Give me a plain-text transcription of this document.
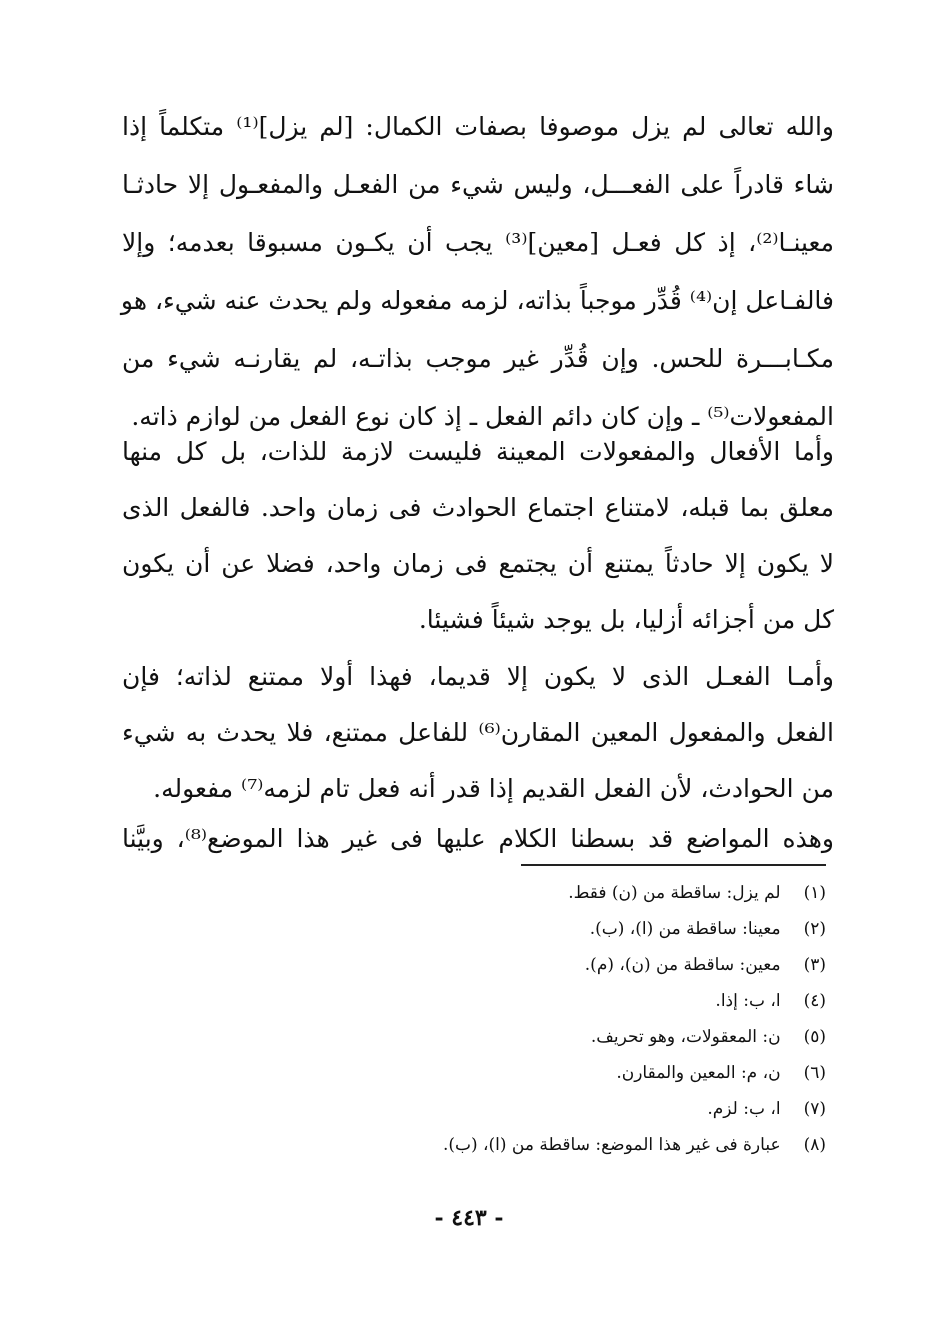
والله تعالى لم يزل موصوفا بصفات الكمال: [لم يزل]⁽¹⁾ متكلماً إذا
شاء قادراً على الفعـــل، وليس شيء من الفعـل والمفعـول إلا حادثـا
معينـا⁽²⁾، إذ كل فعـل [معين]⁽³⁾ يجب أن يكـون مسبوقا بعدمه؛ وإلا
فالفـاعل إن⁽⁴⁾ قُدِّر موجباً بذاته، لزمه مفعوله ولم يحدث عنه شيء، هو
مكـابـــرة للحس. وإن قُدِّر غير موجب بذاتـه، لم يقارنـه شيء من
المفعولات⁽⁵⁾ ـ وإن كان دائم الفعل ـ إذ كان نوع الفعل من لوازم ذاته.
وأما الأفعال والمفعولات المعينة فليست لازمة للذات، بل كل منها
معلق بما قبله، لامتناع اجتماع الحوادث فى زمان واحد. فالفعل الذى
لا يكون إلا حادثاً يمتنع أن يجتمع فى زمان واحد، فضلا عن أن يكون
كل من أجزائه أزليا، بل يوجد شيئاً فشيئا.
وأمـا الفعـل الذى لا يكون إلا قديما، فهذا أولا ممتنع لذاته؛ فإن
الفعل والمفعول المعين المقارن⁽⁶⁾ للفاعل ممتنع، فلا يحدث به شيء
من الحوادث، لأن الفعل القديم إذا قدر أنه فعل تام لزمه⁽⁷⁾ مفعوله.
وهذه المواضع قد بسطنا الكلام عليها فى غير هذا الموضع⁽⁸⁾، وبيَّنا
(١) لم يزل: ساقطة من (ن) فقط.
(٢) معينا: ساقطة من (ا)، (ب).
(٣) معين: ساقطة من (ن)، (م).
(٤) ا، ب: إذا.
(٥) ن: المعقولات، وهو تحريف.
(٦) ن، م: المعين والمقارن.
(٧) ا، ب: لزم.
(٨) عبارة فى غير هذا الموضع: ساقطة من (ا)، (ب).
- ٤٤٣ -
